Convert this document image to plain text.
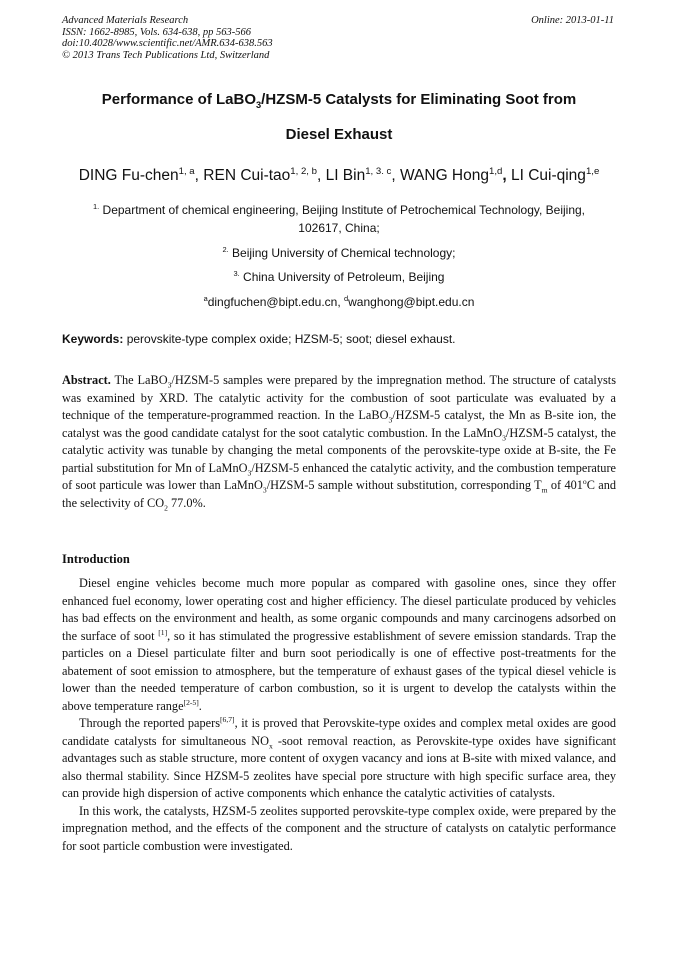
Advanced Materials Research
ISSN: 1662-8985, Vols. 634-638, pp 563-566
doi:10.4028/www.scientific.net/AMR.634-638.563
© 2013 Trans Tech Publications Ltd, Switzerland
Online: 2013-01-11
Performance of LaBO$_3$/HZSM-5 Catalysts for Eliminating Soot from
Diesel Exhaust
DING Fu-chen$^{1, a}$, REN Cui-tao$^{1, 2, b}$, LI Bin$^{1, 3. c}$, WANG Hong$^{1,d}$, LI Cui-qing$^{1,e}$
$^{1.}$ Department of chemical engineering, Beijing Institute of Petrochemical Technology, Beijing,
102617, China;
$^{2.}$ Beijing University of Chemical technology;
$^{3.}$ China University of Petroleum, Beijing
$^a$dingfuchen@bipt.edu.cn, $^d$wanghong@bipt.edu.cn
Keywords: perovskite-type complex oxide; HZSM-5; soot; diesel exhaust.
Abstract. The LaBO$_3$/HZSM-5 samples were prepared by the impregnation method. The structure of catalysts was examined by XRD. The catalytic activity for the combustion of soot particulate was evaluated by a technique of the temperature-programmed reaction. In the LaBO$_3$/HZSM-5 catalyst, the Mn as B-site ion, the catalyst was the good candidate catalyst for the soot catalytic combustion. In the LaMnO$_3$/HZSM-5 catalyst, the catalytic activity was tunable by changing the metal components of the perovskite-type oxide at B-site, the Fe partial substitution for Mn of LaMnO$_3$/HZSM-5 enhanced the catalytic activity, and the combustion temperature of soot particule was lower than LaMnO$_3$/HZSM-5 sample without substitution, corresponding $T_m$ of 401$^o$C and the selectivity of $CO_2$ 77.0%.
Introduction

Diesel engine vehicles become much more popular as compared with gasoline ones, since they offer enhanced fuel economy, lower operating cost and higher efficiency. The diesel particulate produced by vehicles has bad effects on the environment and health, as some organic compounds and many carcinogens adsorbed on the surface of soot [1], so it has stimulated the progressive establishment of severe emission standards. Trap the particles on a Diesel particulate filter and burn soot periodically is one of effective post-treatments for the abatement of soot emission to atmosphere, but the temperature of exhaust gases of the typical diesel vehicle is lower than the needed temperature of carbon combustion, so it is urgent to develop the catalysts within the above temperature range[2-5].

Through the reported papers[6,7], it is proved that Perovskite-type oxides and complex metal oxides are good candidate catalysts for simultaneous $NO_x$ -soot removal reaction, as Perovskite-type oxides have significant advantages such as stable structure, more content of oxygen vacancy and ions at B-site with mixed valance, and also thermal stability. Since HZSM-5 zeolites have special pore structure with high specific surface area, they can provide high dispersion of active components which enhance the catalytic activities of catalysts.

In this work, the catalysts, HZSM-5 zeolites supported perovskite-type complex oxide, were prepared by the impregnation method, and the effects of the component and the structure of catalysts on catalytic performance for soot particle combustion were investigated.
